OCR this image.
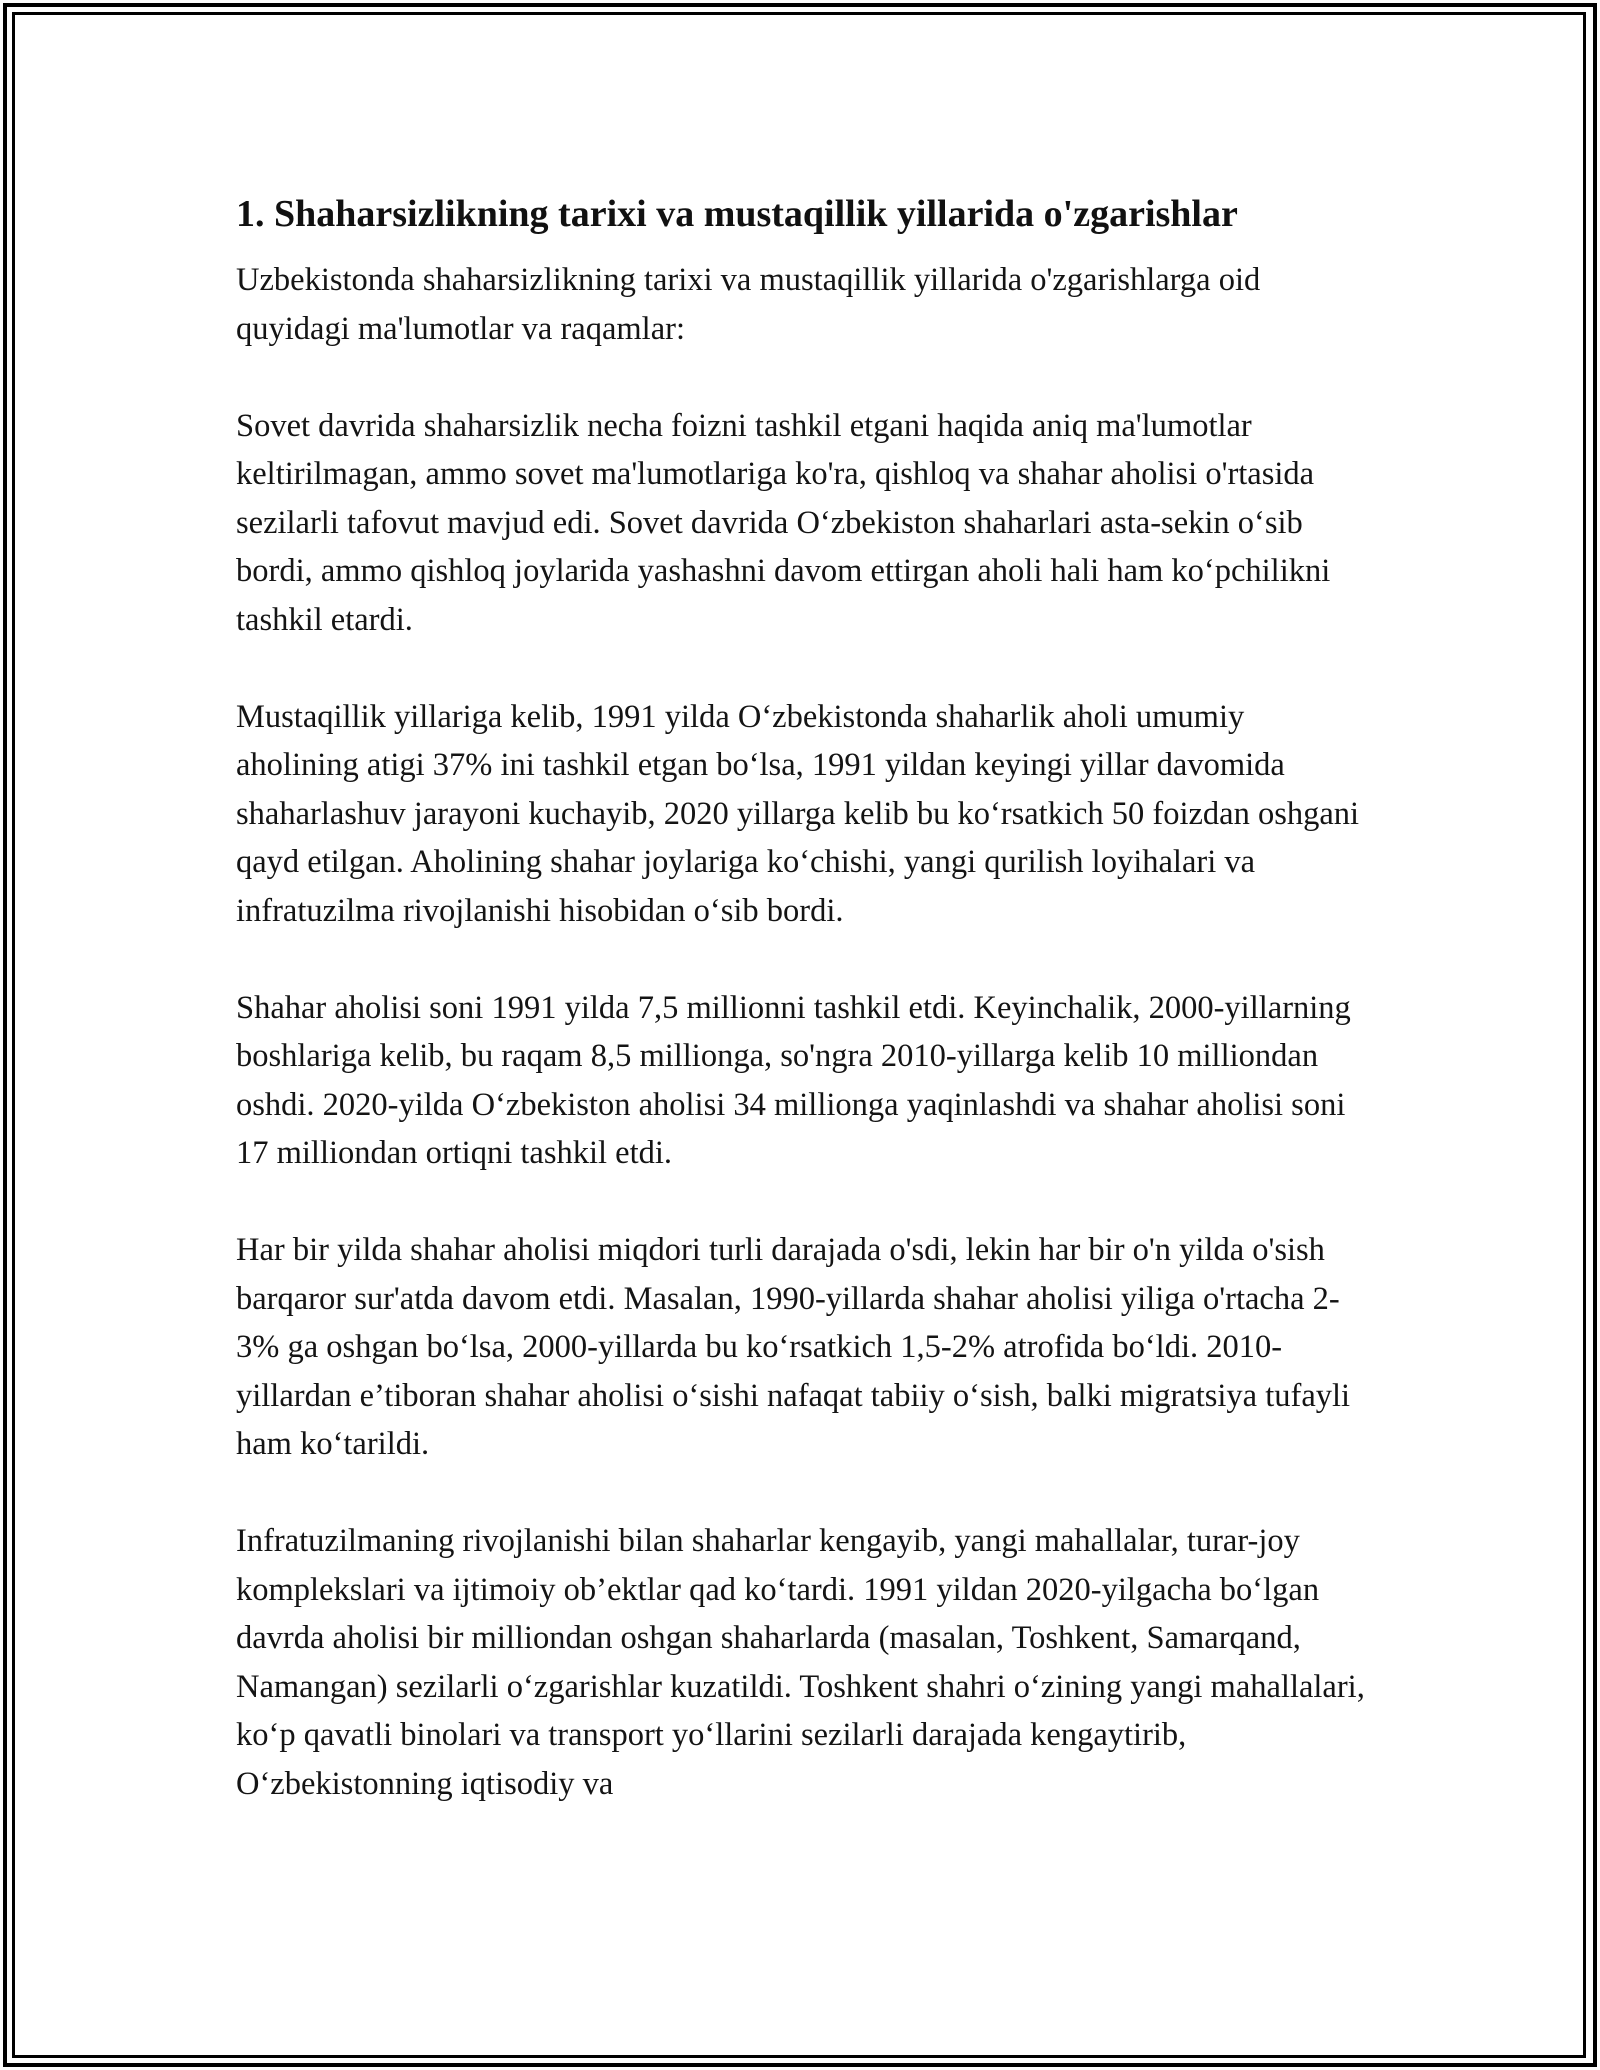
1. Shaharsizlikning tarixi va mustaqillik yillarida o'zgarishlar

Uzbekistonda shaharsizlikning tarixi va mustaqillik yillarida o'zgarishlarga oid quyidagi ma'lumotlar va raqamlar:

Sovet davrida shaharsizlik necha foizni tashkil etgani haqida aniq ma'lumotlar keltirilmagan, ammo sovet ma'lumotlariga ko'ra, qishloq va shahar aholisi o'rtasida sezilarli tafovut mavjud edi. Sovet davrida O‘zbekiston shaharlari asta-sekin o‘sib bordi, ammo qishloq joylarida yashashni davom ettirgan aholi hali ham ko‘pchilikni tashkil etardi.

Mustaqillik yillariga kelib, 1991 yilda O‘zbekistonda shaharlik aholi umumiy aholining atigi 37% ini tashkil etgan bo‘lsa, 1991 yildan keyingi yillar davomida shaharlashuv jarayoni kuchayib, 2020 yillarga kelib bu ko‘rsatkich 50 foizdan oshgani qayd etilgan. Aholining shahar joylariga ko‘chishi, yangi qurilish loyihalari va infratuzilma rivojlanishi hisobidan o‘sib bordi.

Shahar aholisi soni 1991 yilda 7,5 millionni tashkil etdi. Keyinchalik, 2000-yillarning boshlariga kelib, bu raqam 8,5 millionga, so'ngra 2010-yillarga kelib 10 milliondan oshdi. 2020-yilda O‘zbekiston aholisi 34 millionga yaqinlashdi va shahar aholisi soni 17 milliondan ortiqni tashkil etdi.

Har bir yilda shahar aholisi miqdori turli darajada o'sdi, lekin har bir o'n yilda o'sish barqaror sur'atda davom etdi. Masalan, 1990-yillarda shahar aholisi yiliga o'rtacha 2-3% ga oshgan bo‘lsa, 2000-yillarda bu ko‘rsatkich 1,5-2% atrofida bo‘ldi. 2010-yillardan e’tiboran shahar aholisi o‘sishi nafaqat tabiiy o‘sish, balki migratsiya tufayli ham ko‘tarildi.

Infratuzilmaning rivojlanishi bilan shaharlar kengayib, yangi mahallalar, turar-joy komplekslari va ijtimoiy ob’ektlar qad ko‘tardi. 1991 yildan 2020-yilgacha bo‘lgan davrda aholisi bir milliondan oshgan shaharlarda (masalan, Toshkent, Samarqand, Namangan) sezilarli o‘zgarishlar kuzatildi. Toshkent shahri o‘zining yangi mahallalari, ko‘p qavatli binolari va transport yo‘llarini sezilarli darajada kengaytirib, O‘zbekistonning iqtisodiy va
